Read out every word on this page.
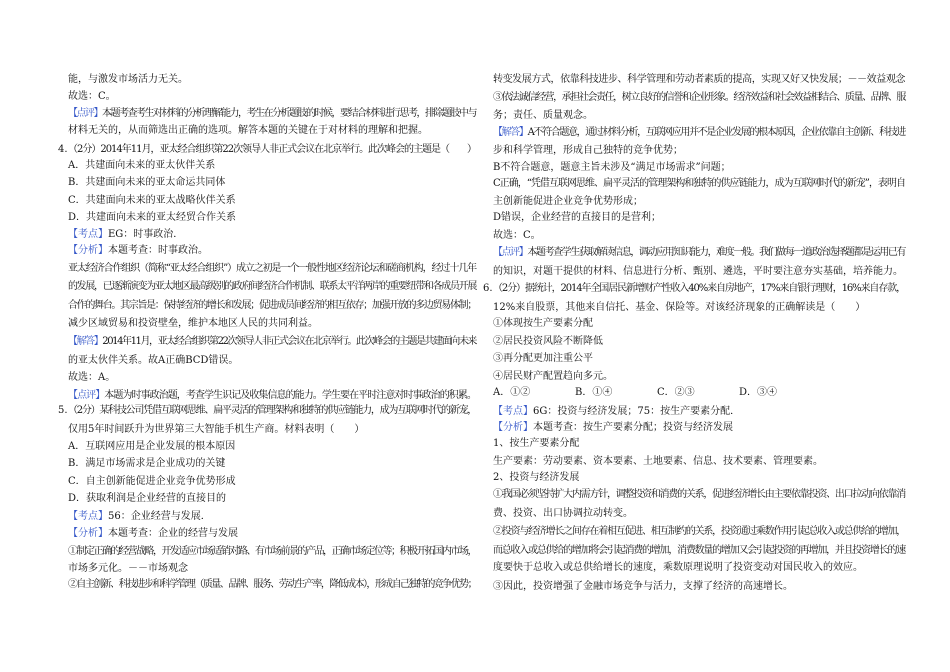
能，与激发市场活力无关。
故选：C。
【点评】本题考查考生对材料的分析理解能力，考生在分析题肢的时候，要结合材料进行思考，排除题肢中与
材料无关的，从而筛选出正确的选项。解答本题的关键在于对材料的理解和把握。
4. （2分）2014年11月，亚太经合组织第22次领导人非正式会议在北京举行。此次峰会的主题是（　　）
A．共建面向未来的亚太伙伴关系
B．共建面向未来的亚太命运共同体
C．共建面向未来的亚太战略伙伴关系
D．共建面向未来的亚太经贸合作关系
【考点】EG：时事政治．
【分析】本题考查：时事政治。
亚太经济合作组织（简称“亚太经合组织”）成立之初是一个一般性地区经济论坛和磋商机构，经过十几年
的发展，已逐渐演变为亚太地区最高级别的政府间经济合作机制、联系太平洋两岸的重要纽带和各成员开展
合作的舞台。其宗旨是：保持经济的增长和发展；促进成员间经济的相互依存；加强开放的多边贸易体制；
减少区域贸易和投资壁垒，维护本地区人民的共同利益。
【解答】2014年11月，亚太经合组织第22次领导人非正式会议在北京举行。此次峰会的主题是共建面向未来
的亚太伙伴关系。故A正确BCD错误。
故选：A。
【点评】本题为时事政治题，考查学生识记及收集信息的能力。学生要在平时注意对时事政治的积累。
5. （2分）某科技公司凭借互联网思维、扁平灵活的管理架构和独特的供应链能力，成为互联网时代的新宠，
仅用5年时间跃升为世界第三大智能手机生产商。材料表明（　　）
A．互联网应用是企业发展的根本原因
B．满足市场需求是企业成功的关键
C．自主创新能促进企业竞争优势形成
D．获取利润是企业经营的直接目的
【考点】56：企业经营与发展．
【分析】本题考查：企业的经营与发展
①制定正确的经营战略，开发适应市场适销对路、有市场前景的产品，正确市场定位等；积极开拓国内市场，
市场多元化。－－市场观念
②自主创新、科技进步和科学管理（质量、品牌、服务、劳动生产率，降低成本），形成自己独特的竞争优势；
转变发展方式，依靠科技进步、科学管理和劳动者素质的提高，实现又好又快发展；－－效益观念
③依法诚信经营，承担社会责任，树立良好的信誉和企业形象。经济效益和社会效益相结合、质量、品牌、服
务；责任、质量观念。
【解答】A不符合题意，通过材料分析，互联网应用并不是企业发展的根本原因，企业依靠自主创新、科技进
步和科学管理，形成自己独特的竞争优势；
B不符合题意，题意主旨未涉及“满足市场需求”问题；
C正确，“凭借互联网思维、扁平灵活的管理架构和独特的供应链能力，成为互联网时代的新宠”，表明自
主创新能促进企业竞争优势形成；
D错误，企业经营的直接目的是营利；
故选：C。
【点评】本题考查学生获取解读信息，调动应用知识能力，难度一般。我们做每一道政治选择题都是运用已有
的知识，对题干提供的材料、信息进行分析、甄别、遴选，平时要注意夯实基础，培养能力。
6. （2分）据统计，2014年全国居民新增财产性收入40%来自房地产，17%来自银行理财，16%来自存款，
12%来自股票，其他来自信托、基金、保险等。对该经济现象的正确解读是（　　）
①体现按生产要素分配
②居民投资风险不断降低
③再分配更加注重公平
④居民财产配置趋向多元。
A．①②	B．①④	C．②③	D．③④
【考点】6G：投资与经济发展；75：按生产要素分配．
【分析】本题考查：按生产要素分配；投资与经济发展
1、按生产要素分配
生产要素：劳动要素、资本要素、土地要素、信息、技术要素、管理要素。
2、投资与经济发展
①我国必须坚持扩大内需方针，调整投资和消费的关系，促进经济增长由主要依靠投资、出口拉动向依靠消
费、投资、出口协调拉动转变。
②投资与经济增长之间存在着相互促进、相互制约的关系，投资通过乘数作用引起总收入或总供给的增加，
而总收入或总供给的增加将会引起消费的增加，消费数量的增加又会引起投资的再增加，并且投资增长的速
度要快于总收入或总供给增长的速度，乘数原理说明了投资变动对国民收入的效应。
③因此，投资增强了金融市场竞争与活力，支撑了经济的高速增长。
